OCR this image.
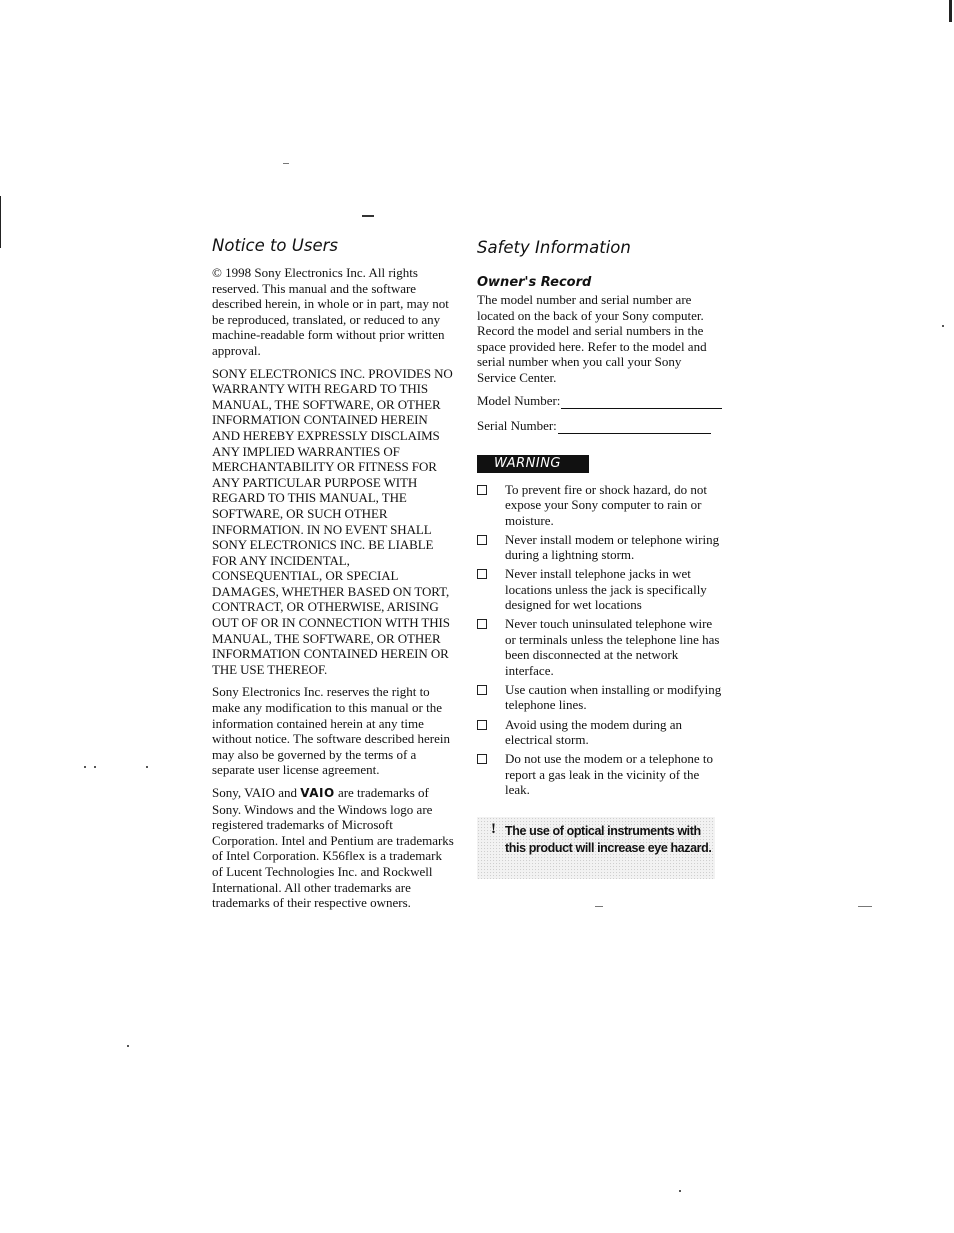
Notice to Users

© 1998 Sony Electronics Inc. All rights reserved. This manual and the software described herein, in whole or in part, may not be reproduced, translated, or reduced to any machine-readable form without prior written approval.

SONY ELECTRONICS INC. PROVIDES NO WARRANTY WITH REGARD TO THIS MANUAL, THE SOFTWARE, OR OTHER INFORMATION CONTAINED HEREIN AND HEREBY EXPRESSLY DISCLAIMS ANY IMPLIED WARRANTIES OF MERCHANTABILITY OR FITNESS FOR ANY PARTICULAR PURPOSE WITH REGARD TO THIS MANUAL, THE SOFTWARE, OR SUCH OTHER INFORMATION. IN NO EVENT SHALL SONY ELECTRONICS INC. BE LIABLE FOR ANY INCIDENTAL, CONSEQUENTIAL, OR SPECIAL DAMAGES, WHETHER BASED ON TORT, CONTRACT, OR OTHERWISE, ARISING OUT OF OR IN CONNECTION WITH THIS MANUAL, THE SOFTWARE, OR OTHER INFORMATION CONTAINED HEREIN OR THE USE THEREOF.

Sony Electronics Inc. reserves the right to make any modification to this manual or the information contained herein at any time without notice. The software described herein may also be governed by the terms of a separate user license agreement.

Sony, VAIO and VAIO are trademarks of Sony. Windows and the Windows logo are registered trademarks of Microsoft Corporation. Intel and Pentium are trademarks of Intel Corporation. K56flex is a trademark of Lucent Technologies Inc. and Rockwell International. All other trademarks are trademarks of their respective owners.

Safety Information
Owner's Record

The model number and serial number are located on the back of your Sony computer. Record the model and serial numbers in the space provided here. Refer to the model and serial number when you call your Sony Service Center.

Model Number:
Serial Number:
WARNING
To prevent fire or shock hazard, do not expose your Sony computer to rain or moisture.
Never install modem or telephone wiring during a lightning storm.
Never install telephone jacks in wet locations unless the jack is specifically designed for wet locations
Never touch uninsulated telephone wire or terminals unless the telephone line has been disconnected at the network interface.
Use caution when installing or modifying telephone lines.
Avoid using the modem during an electrical storm.
Do not use the modem or a telephone to report a gas leak in the vicinity of the leak.
! The use of optical instruments with this product will increase eye hazard.
